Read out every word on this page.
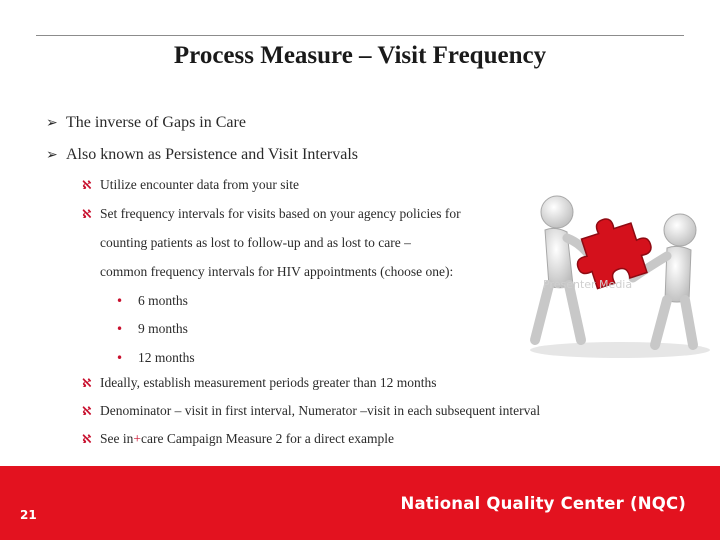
Process Measure – Visit Frequency
➢ The inverse of Gaps in Care
➢ Also known as Persistence and Visit Intervals
ℵ Utilize encounter data from your site
ℵ Set frequency intervals for visits based on your agency policies for
counting patients as lost to follow-up and as lost to care –
common frequency intervals for HIV appointments (choose one):
• 6 months
• 9 months
• 12 months
ℵ Ideally, establish measurement periods greater than 12 months
ℵ Denominator – visit in first interval, Numerator –visit in each subsequent interval
ℵ See in+care Campaign Measure 2 for a direct example
Presenter Media
21
National Quality Center (NQC)
